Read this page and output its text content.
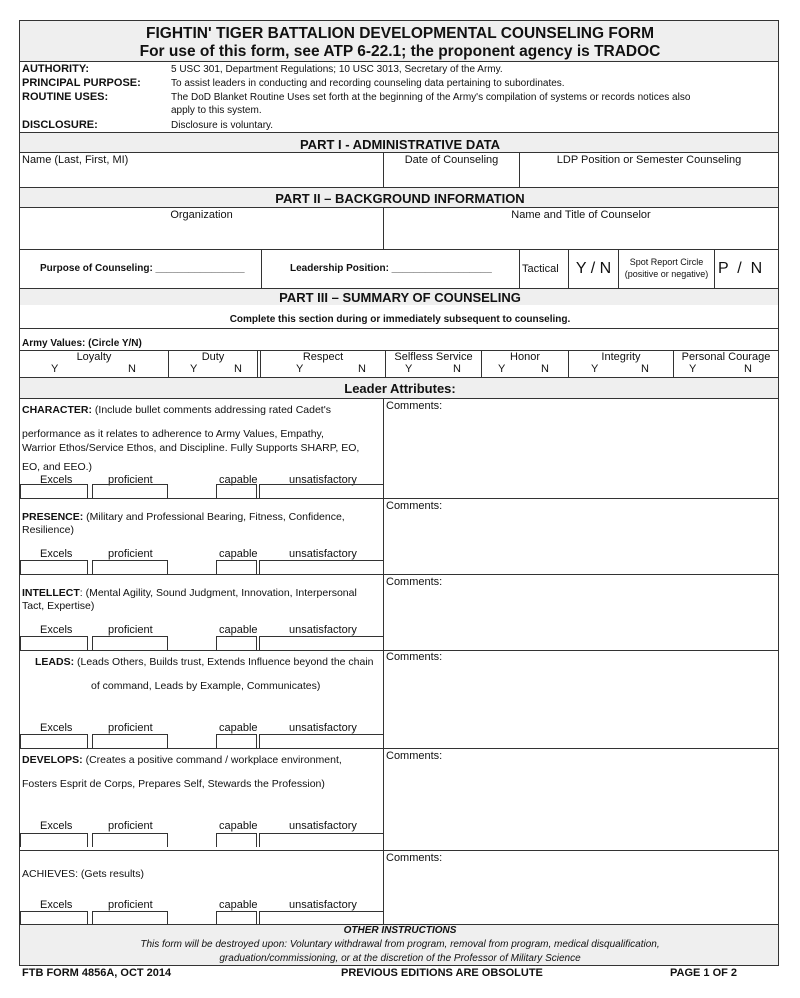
FIGHTIN' TIGER BATTALION DEVELOPMENTAL COUNSELING FORM
For use of this form, see ATP 6-22.1; the proponent agency is TRADOC
AUTHORITY:	5 USC 301, Department Regulations; 10 USC 3013, Secretary of the Army.
PRINCIPAL PURPOSE:	To assist leaders in conducting and recording counseling data pertaining to subordinates.
ROUTINE USES:	The DoD Blanket Routine Uses set forth at the beginning of the Army's compilation of systems or records notices also
apply to this system.
DISCLOSURE:	Disclosure is voluntary.
PART I - ADMINISTRATIVE DATA
Name (Last, First, MI)	Date of Counseling	LDP Position or Semester Counseling
PART II – BACKGROUND INFORMATION
Organization	Name and Title of Counselor
Purpose of Counseling: ________________	Leadership Position: __________________	Tactical	Y / N	Spot Report Circle
(positive or negative) P  /  N
PART III – SUMMARY OF COUNSELING
Complete this section during or immediately subsequent to counseling.
Army Values: (Circle Y/N)
Loyalty
Y	N
Duty
Y	N
Respect
Y	N
Selfless Service
Y	N
Honor
Y	N
Integrity
Y	N
Personal Courage
Y	N
Leader Attributes:
CHARACTER: (Include bullet comments addressing rated Cadet's
performance as it relates to adherence to Army Values, Empathy,
Warrior Ethos/Service Ethos, and Discipline. Fully Supports SHARP, EO,
EO, and EEO.)
Excels	proficient	capable	unsatisfactory
Comments:
PRESENCE: (Military and Professional Bearing, Fitness, Confidence,
Resilience)
Excels	proficient	capable	unsatisfactory
Comments:
INTELLECT: (Mental Agility, Sound Judgment, Innovation, Interpersonal
Tact, Expertise)
Excels	proficient	capable	unsatisfactory
Comments:
LEADS: (Leads Others, Builds trust, Extends Influence beyond the chain
of command, Leads by Example, Communicates)
Excels	proficient	capable	unsatisfactory
Comments:
DEVELOPS: (Creates a positive command / workplace environment,
Fosters Esprit de Corps, Prepares Self, Stewards the Profession)
Excels	proficient	capable	unsatisfactory
Comments:
ACHIEVES: (Gets results)
Excels	proficient	capable	unsatisfactory
Comments:
OTHER INSTRUCTIONS
This form will be destroyed upon: Voluntary withdrawal from program, removal from program, medical disqualification,
graduation/commissioning, or at the discretion of the Professor of Military Science
FTB FORM 4856A, OCT 2014	PREVIOUS EDITIONS ARE OBSOLUTE	PAGE 1 OF 2
